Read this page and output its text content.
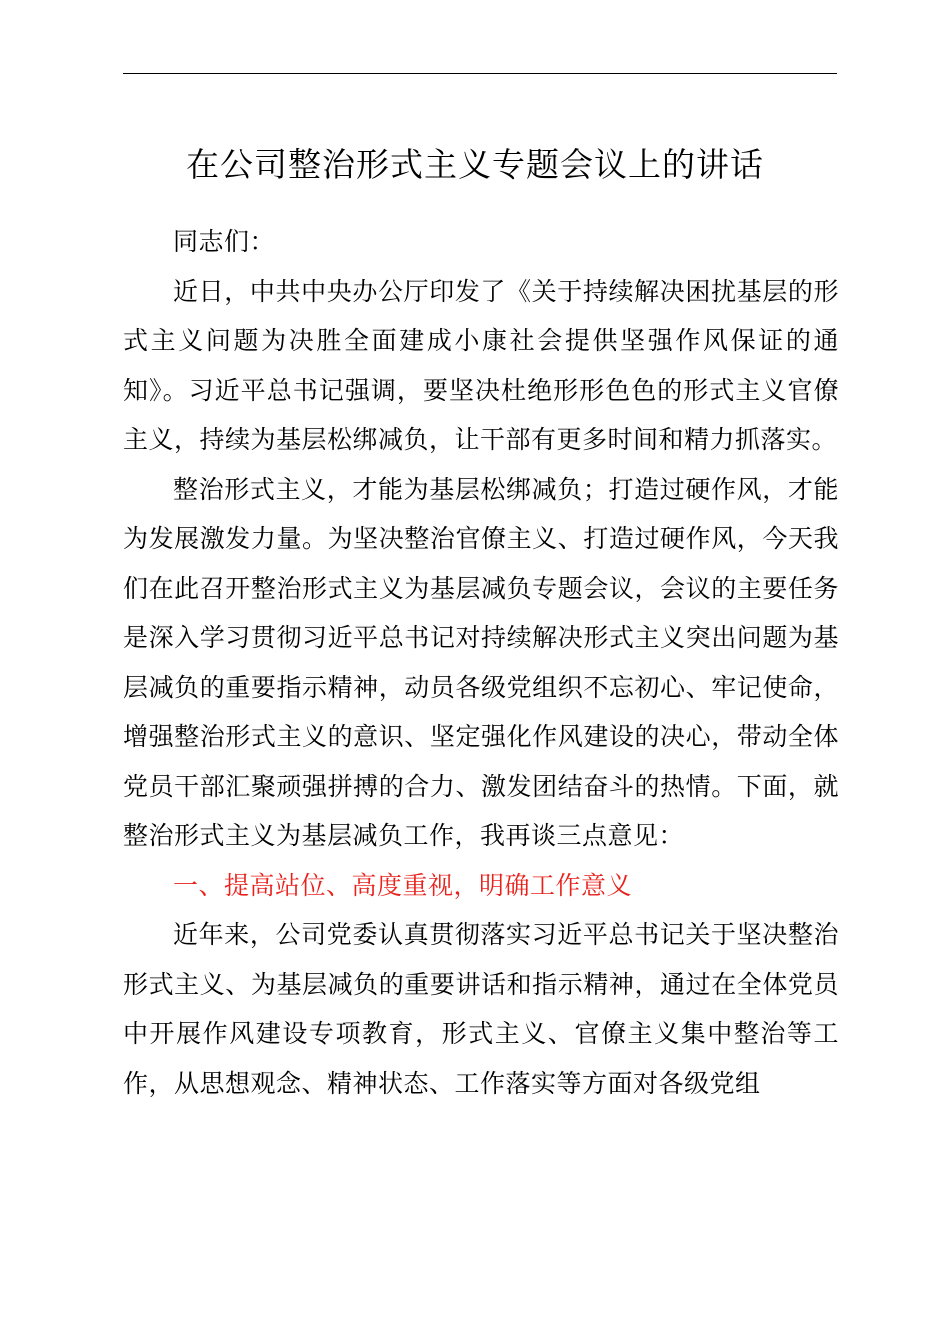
在公司整治形式主义专题会议上的讲话

同志们：

近日，中共中央办公厅印发了《关于持续解决困扰基层的形式主义问题为决胜全面建成小康社会提供坚强作风保证的通知》。习近平总书记强调，要坚决杜绝形形色色的形式主义官僚主义，持续为基层松绑减负，让干部有更多时间和精力抓落实。

整治形式主义，才能为基层松绑减负；打造过硬作风，才能为发展激发力量。为坚决整治官僚主义、打造过硬作风，今天我们在此召开整治形式主义为基层减负专题会议，会议的主要任务是深入学习贯彻习近平总书记对持续解决形式主义突出问题为基层减负的重要指示精神，动员各级党组织不忘初心、牢记使命，增强整治形式主义的意识、坚定强化作风建设的决心，带动全体党员干部汇聚顽强拼搏的合力、激发团结奋斗的热情。下面，就整治形式主义为基层减负工作，我再谈三点意见：

一、提高站位、高度重视，明确工作意义

近年来，公司党委认真贯彻落实习近平总书记关于坚决整治形式主义、为基层减负的重要讲话和指示精神，通过在全体党员中开展作风建设专项教育，形式主义、官僚主义集中整治等工作，从思想观念、精神状态、工作落实等方面对各级党组
